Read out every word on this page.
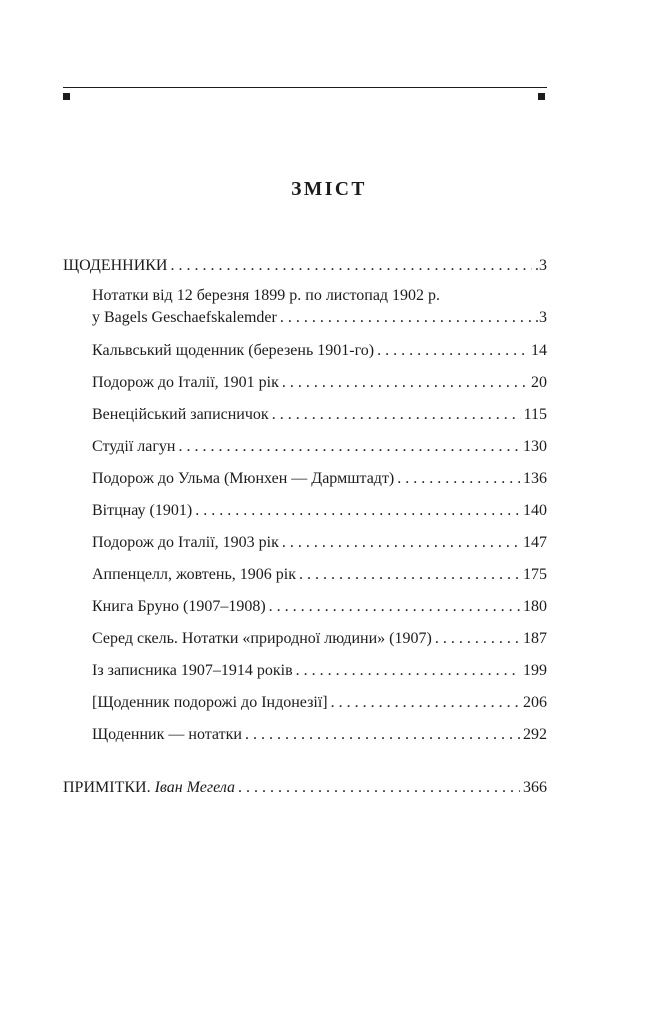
ЗМІСТ
ЩОДЕННИКИ . . .	.3
Нотатки від 12 березня 1899 р. по листопад 1902 р.
у Bagels Geschaefskalemder . . .	.3
Кальвський щоденник (березень 1901-го) . . .	14
Подорож до Італії, 1901 рік . . .	20
Венеційський записничок . . .	115
Студії лагун . . .	130
Подорож до Ульма (Мюнхен — Дармштадт) . . .	136
Вітцнау (1901) . . .	140
Подорож до Італії, 1903 рік . . .	147
Аппенцелл, жовтень, 1906 рік . . .	175
Книга Бруно (1907–1908) . . .	180
Серед скель. Нотатки «природної людини» (1907) . . .	187
Із записника 1907–1914 років . . .	199
[Щоденник подорожі до Індонезії] . . .	206
Щоденник — нотатки . . .	292
ПРИМІТКИ. Іван Мегела . . .	366
